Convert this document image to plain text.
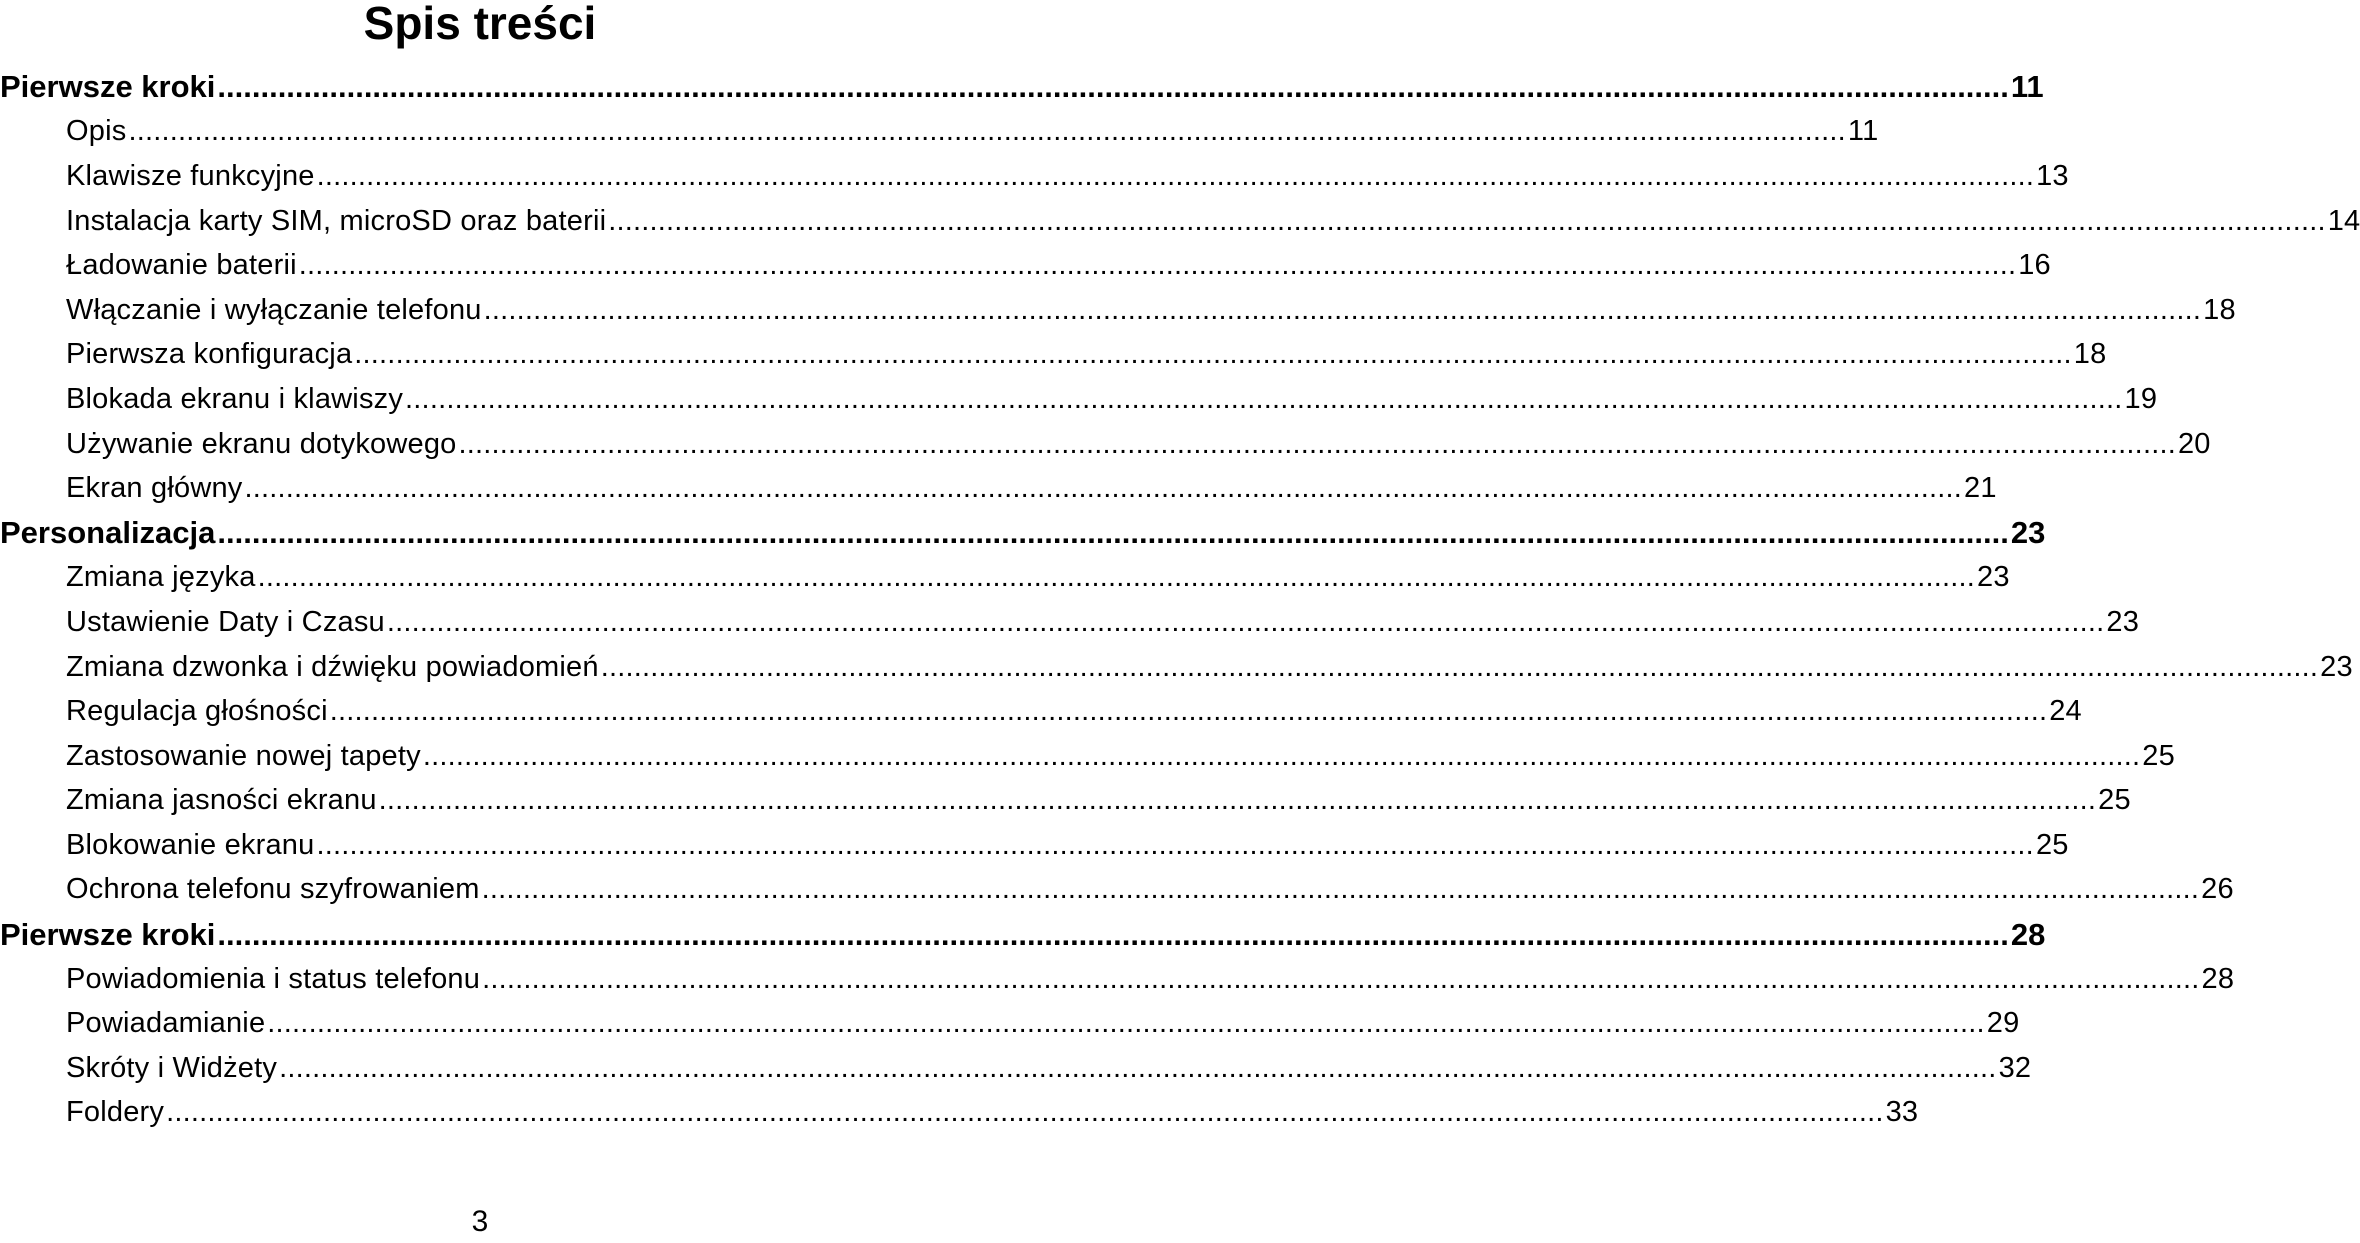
Spis treści
Pierwsze kroki ................................................................................................................................................................................................................ 11
Opis ................................................................................................................................................................................................................ 11
Klawisze funkcyjne ................................................................................................................................................................................................................ 13
Instalacja karty SIM, microSD oraz baterii ................................................................................................................................................................................................................ 14
Ładowanie baterii ................................................................................................................................................................................................................ 16
Włączanie i wyłączanie telefonu ................................................................................................................................................................................................................ 18
Pierwsza konfiguracja ................................................................................................................................................................................................................ 18
Blokada ekranu i klawiszy ................................................................................................................................................................................................................ 19
Używanie ekranu dotykowego ................................................................................................................................................................................................................ 20
Ekran główny ................................................................................................................................................................................................................ 21
Personalizacja ................................................................................................................................................................................................................ 23
Zmiana języka ................................................................................................................................................................................................................ 23
Ustawienie Daty i Czasu ................................................................................................................................................................................................................ 23
Zmiana dzwonka i dźwięku powiadomień ................................................................................................................................................................................................................ 23
Regulacja głośności ................................................................................................................................................................................................................ 24
Zastosowanie nowej tapety ................................................................................................................................................................................................................ 25
Zmiana jasności ekranu ................................................................................................................................................................................................................ 25
Blokowanie ekranu ................................................................................................................................................................................................................ 25
Ochrona telefonu szyfrowaniem ................................................................................................................................................................................................................ 26
Pierwsze kroki ................................................................................................................................................................................................................ 28
Powiadomienia i status telefonu ................................................................................................................................................................................................................ 28
Powiadamianie ................................................................................................................................................................................................................ 29
Skróty i Widżety ................................................................................................................................................................................................................ 32
Foldery ................................................................................................................................................................................................................ 33
3
